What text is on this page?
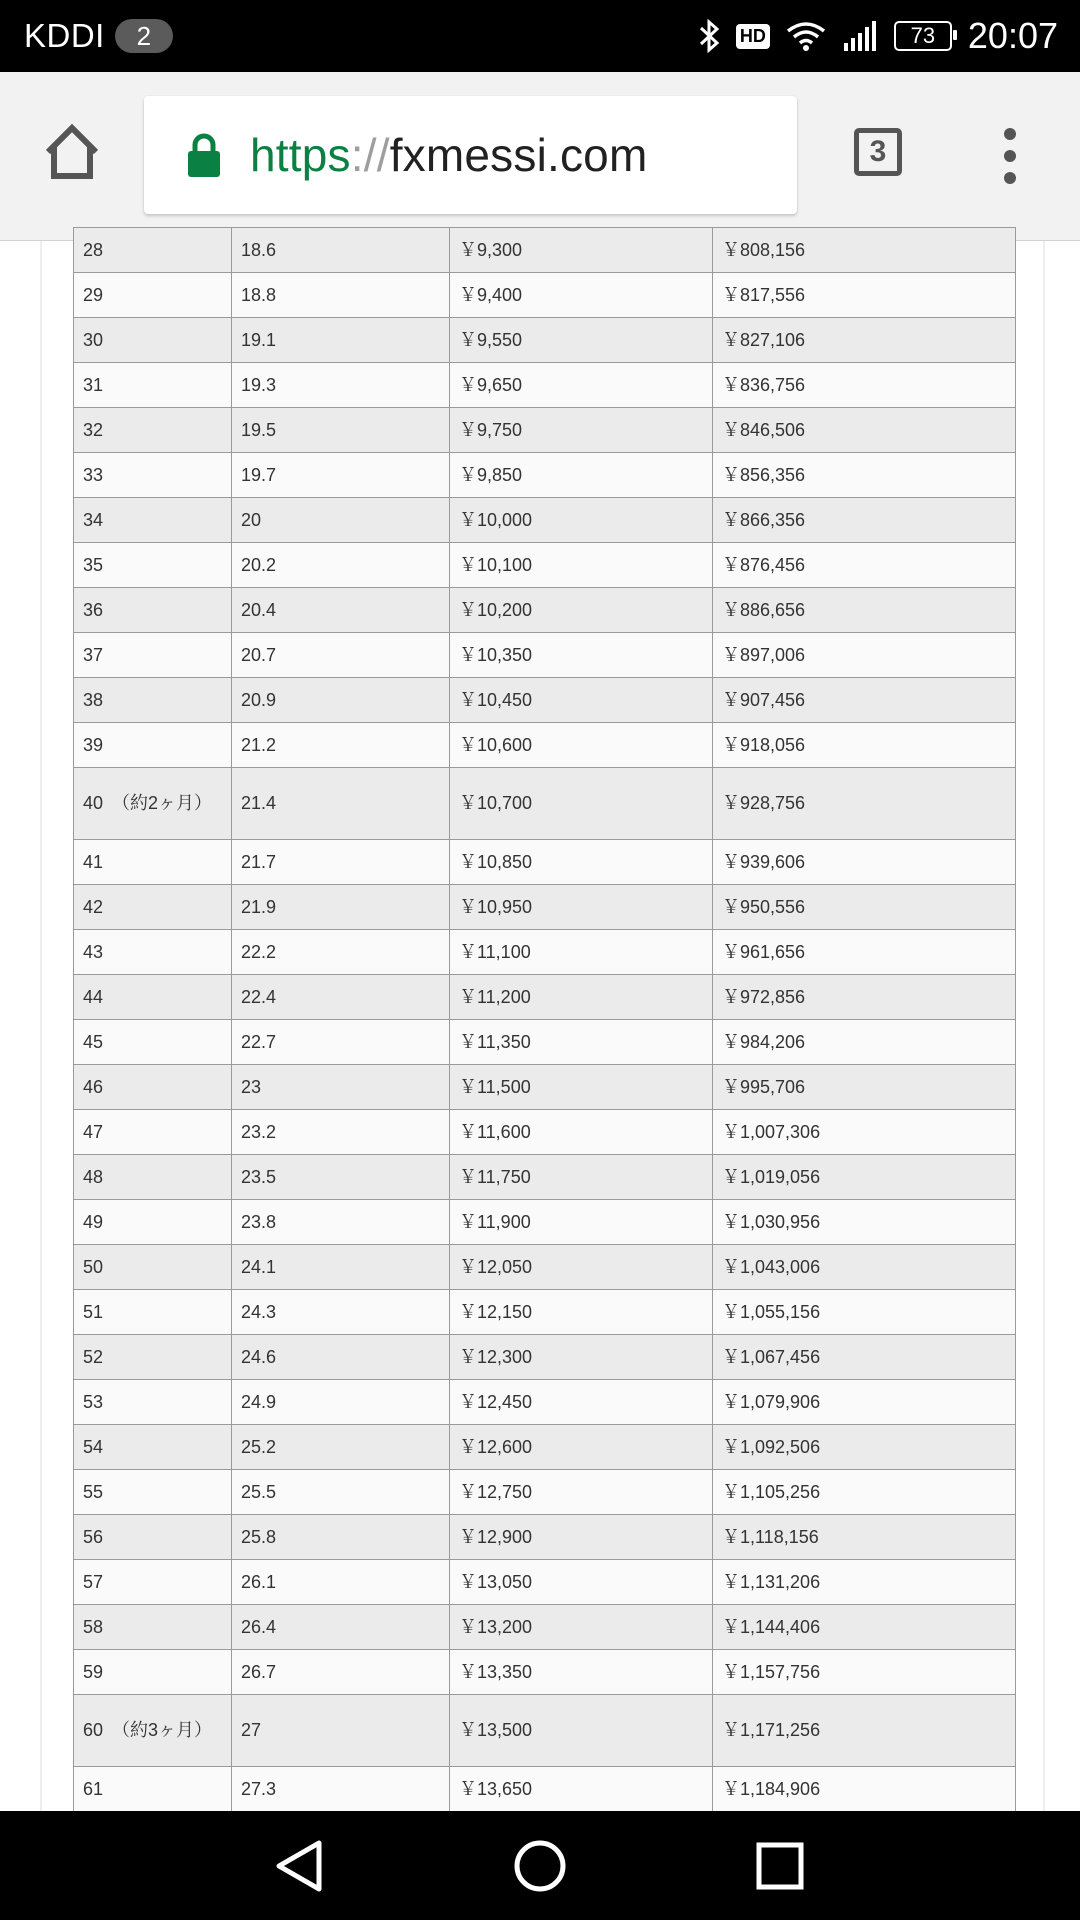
KDDI	2	HD	73 20:07
https://fxmessi.com	3
28	18.6	￥9,300	￥808,156
29	18.8	￥9,400	￥817,556
30	19.1	￥9,550	￥827,106
31	19.3	￥9,650	￥836,756
32	19.5	￥9,750	￥846,506
33	19.7	￥9,850	￥856,356
34	20	￥10,000	￥866,356
35	20.2	￥10,100	￥876,456
36	20.4	￥10,200	￥886,656
37	20.7	￥10,350	￥897,006
38	20.9	￥10,450	￥907,456
39	21.2	￥10,600	￥918,056
40　（約2ヶ月）	21.4	￥10,700	￥928,756
41	21.7	￥10,850	￥939,606
42	21.9	￥10,950	￥950,556
43	22.2	￥11,100	￥961,656
44	22.4	￥11,200	￥972,856
45	22.7	￥11,350	￥984,206
46	23	￥11,500	￥995,706
47	23.2	￥11,600	￥1,007,306
48	23.5	￥11,750	￥1,019,056
49	23.8	￥11,900	￥1,030,956
50	24.1	￥12,050	￥1,043,006
51	24.3	￥12,150	￥1,055,156
52	24.6	￥12,300	￥1,067,456
53	24.9	￥12,450	￥1,079,906
54	25.2	￥12,600	￥1,092,506
55	25.5	￥12,750	￥1,105,256
56	25.8	￥12,900	￥1,118,156
57	26.1	￥13,050	￥1,131,206
58	26.4	￥13,200	￥1,144,406
59	26.7	￥13,350	￥1,157,756
60　（約3ヶ月）	27	￥13,500	￥1,171,256
61	27.3	￥13,650	￥1,184,906
